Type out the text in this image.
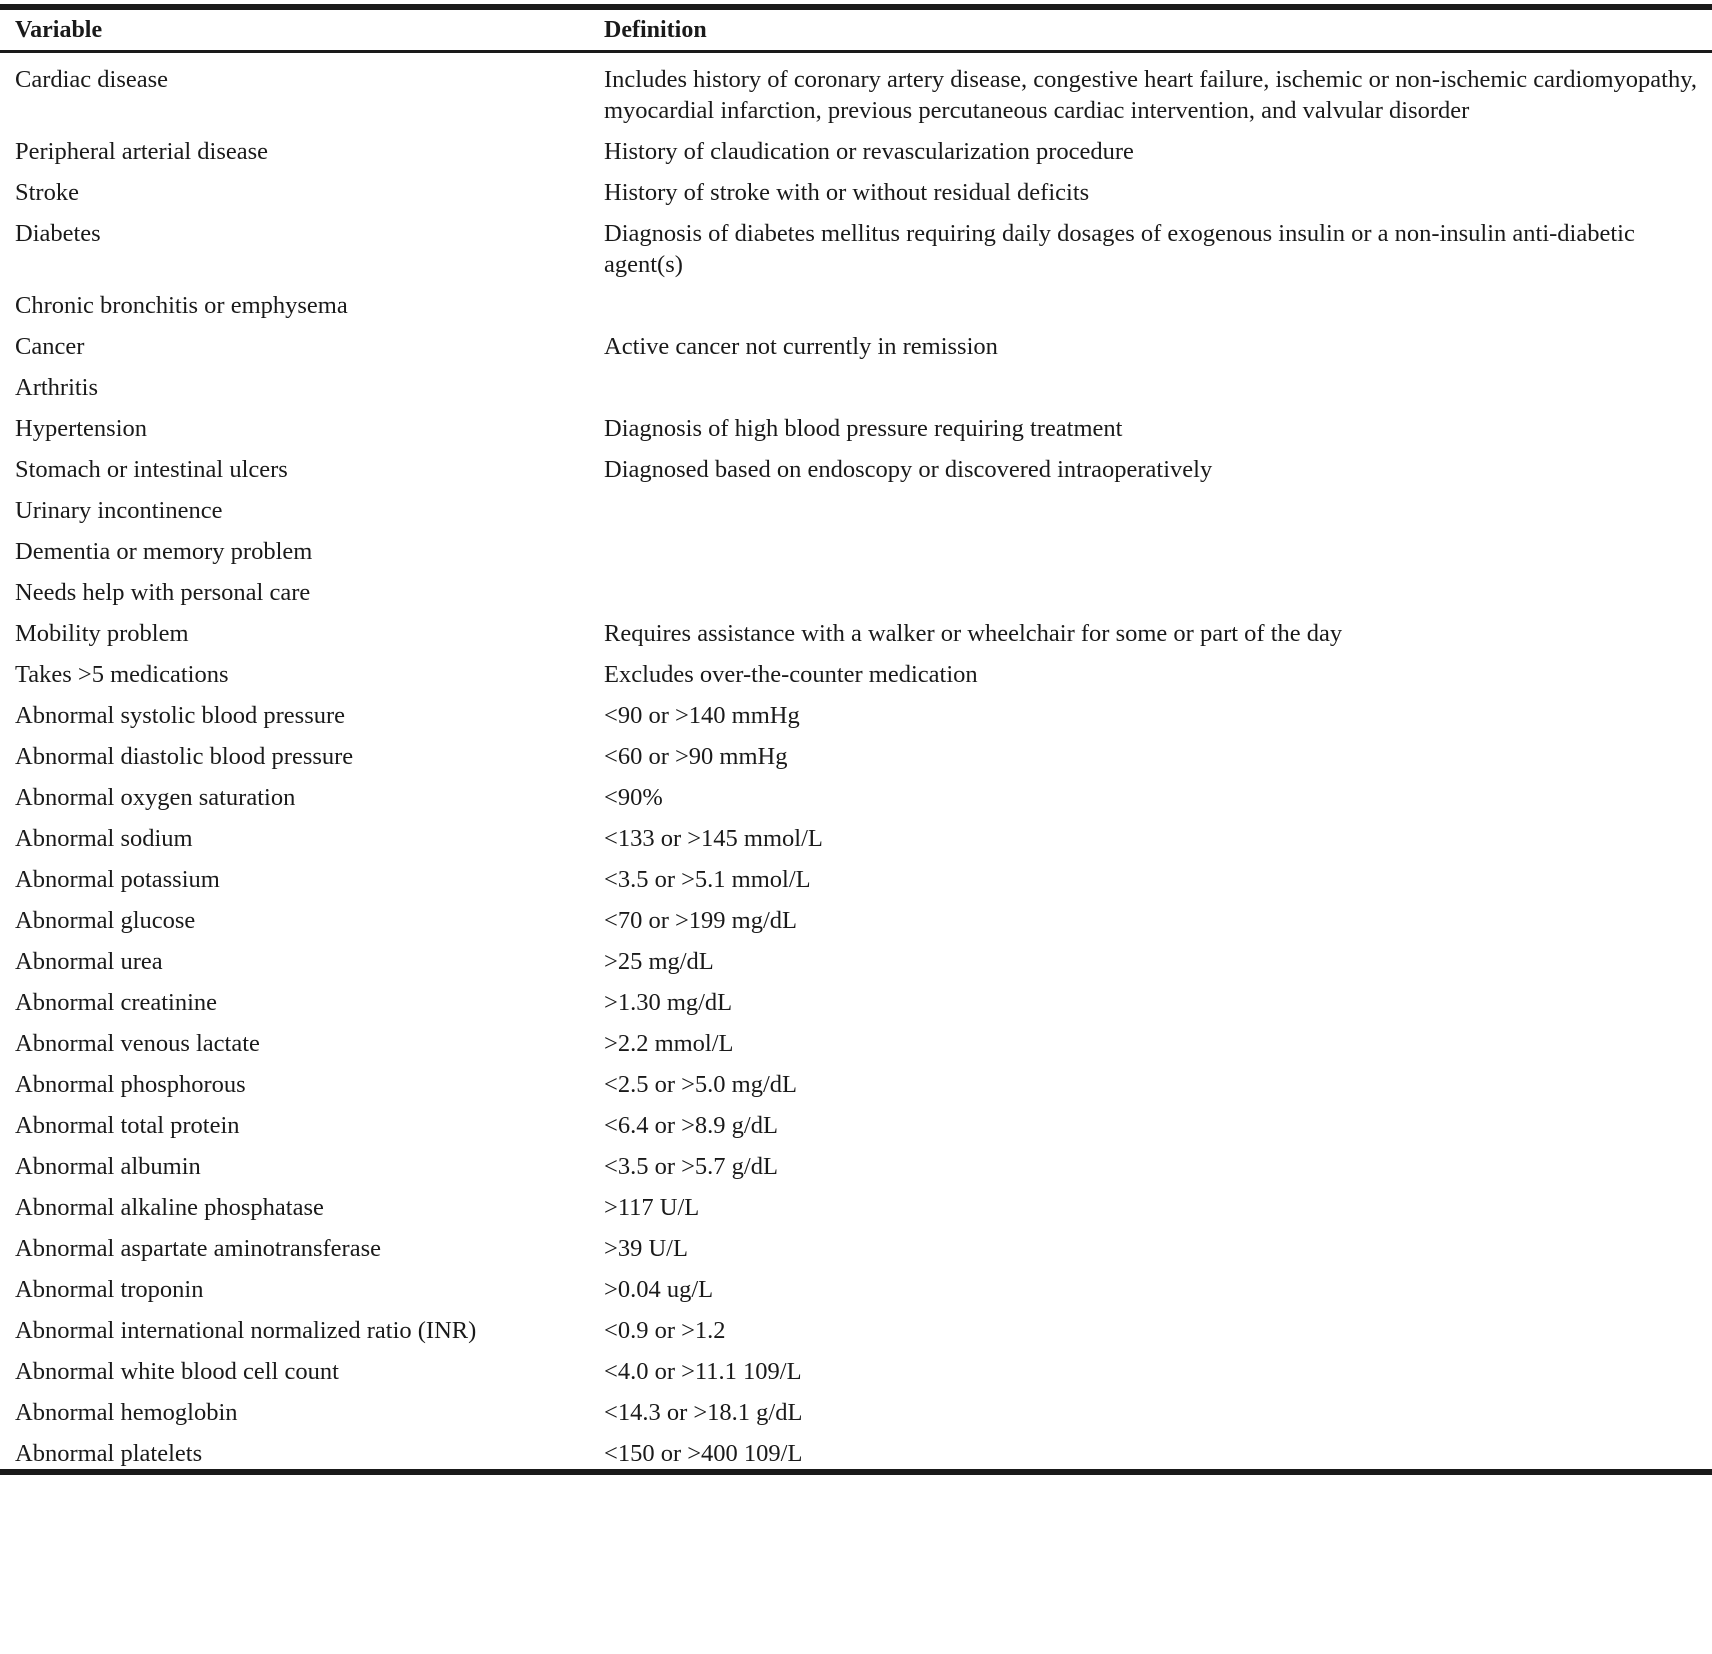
Variable	Definition
Cardiac disease	Includes history of coronary artery disease, congestive heart failure, ischemic or non-ischemic cardiomyopathy, myocardial infarction, previous percutaneous cardiac intervention, and valvular disorder
Peripheral arterial disease	History of claudication or revascularization procedure
Stroke	History of stroke with or without residual deficits
Diabetes	Diagnosis of diabetes mellitus requiring daily dosages of exogenous insulin or a non-insulin anti-diabetic agent(s)
Chronic bronchitis or emphysema	
Cancer	Active cancer not currently in remission
Arthritis	
Hypertension	Diagnosis of high blood pressure requiring treatment
Stomach or intestinal ulcers	Diagnosed based on endoscopy or discovered intraoperatively
Urinary incontinence	
Dementia or memory problem	
Needs help with personal care	
Mobility problem	Requires assistance with a walker or wheelchair for some or part of the day
Takes >5 medications	Excludes over-the-counter medication
Abnormal systolic blood pressure	<90 or >140 mmHg
Abnormal diastolic blood pressure	<60 or >90 mmHg
Abnormal oxygen saturation	<90%
Abnormal sodium	<133 or >145 mmol/L
Abnormal potassium	<3.5 or >5.1 mmol/L
Abnormal glucose	<70 or >199 mg/dL
Abnormal urea	>25 mg/dL
Abnormal creatinine	>1.30 mg/dL
Abnormal venous lactate	>2.2 mmol/L
Abnormal phosphorous	<2.5 or >5.0 mg/dL
Abnormal total protein	<6.4 or >8.9 g/dL
Abnormal albumin	<3.5 or >5.7 g/dL
Abnormal alkaline phosphatase	>117 U/L
Abnormal aspartate aminotransferase	>39 U/L
Abnormal troponin	>0.04 ug/L
Abnormal international normalized ratio (INR)	<0.9 or >1.2
Abnormal white blood cell count	<4.0 or >11.1 109/L
Abnormal hemoglobin	<14.3 or >18.1 g/dL
Abnormal platelets	<150 or >400 109/L
